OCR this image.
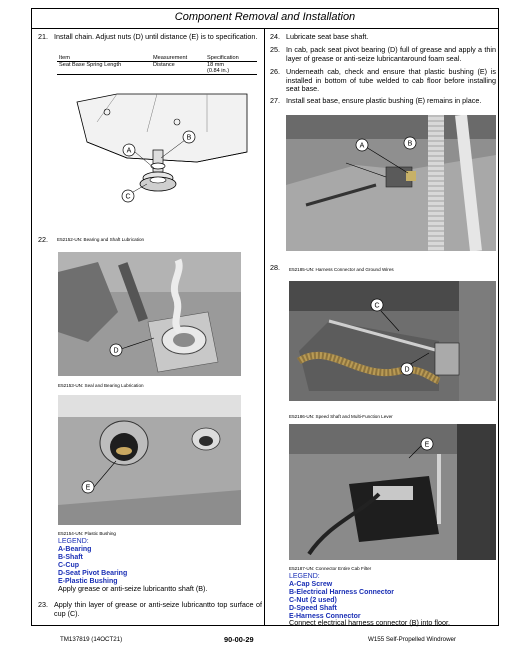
Component Removal and Installation
21. Install chain. Adjust nuts (D) until distance (E) is to specification.
Item	Measurement	Specification
Seat Base Spring Length	Distance	18 mm
(0.84 in.)
A
B
C
E52152-UN: Bearing and Shaft Lubrication
22.
D
E52153-UN: Seal and Bearing Lubrication
E
E52154-UN: Plastic Bushing
LEGEND:
A-Bearing
B-Shaft
C-Cup
D-Seat Pivot Bearing
E-Plastic Bushing
Apply grease or anti-seize lubricantto shaft (B).
23. Apply thin layer of grease or anti-seize lubricantto top surface of cup (C).
24. Lubricate seat base shaft.
25. In cab, pack seat pivot bearing (D) full of grease and apply a thin layer of grease or anti-seize lubricantaround foam seal.
26. Underneath cab, check and ensure that plastic bushing (E) is installed in bottom of tube welded to cab floor before installing seat base.
27. Install seat base, ensure plastic bushing (E) remains in place.
A	B
28. E52185-UN: Harness Connector and Ground Wires
C
D
E52186-UN: Speed Shaft and Multi-Function Lever
E
E52187-UN: Connector Entire Cab Filter
LEGEND:
A-Cap Screw
B-Electrical Harness Connector
C-Nut (2 used)
D-Speed Shaft
E-Harness Connector
Connect electrical harness connector (B) into floor.
TM137819 (14OCT21)	90-00-29	W155 Self-Propelled Windrower
